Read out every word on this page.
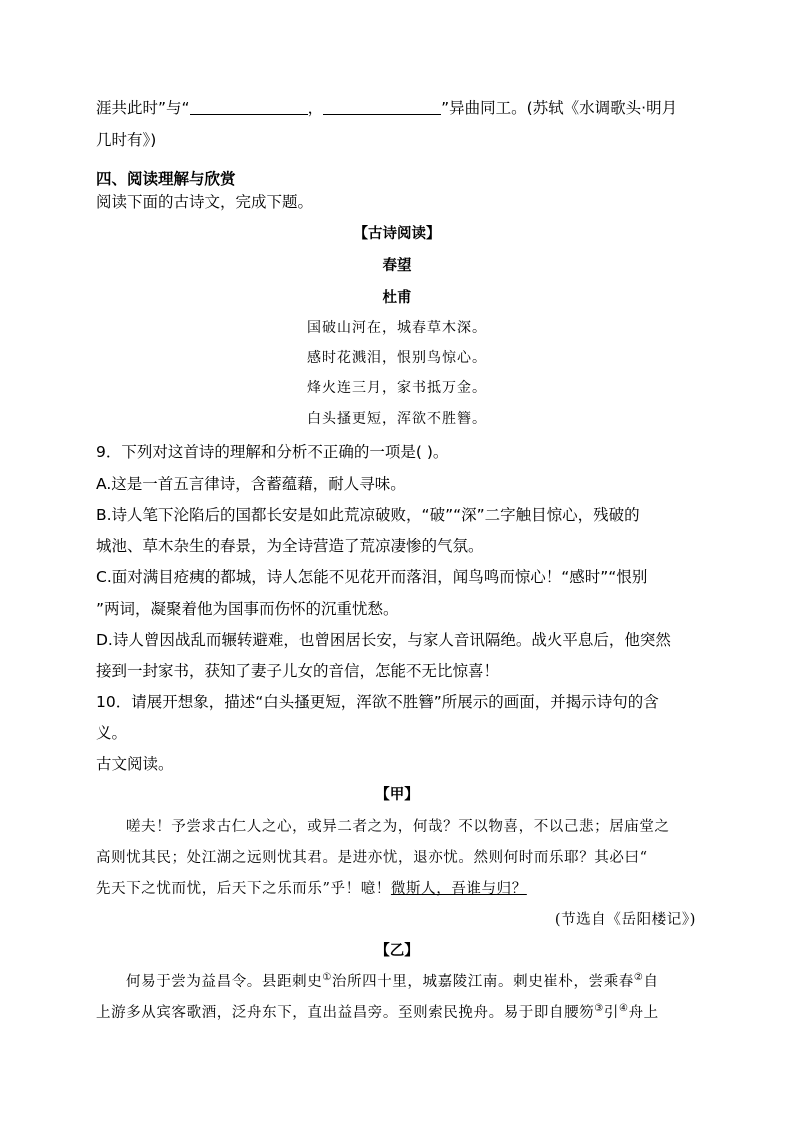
涯共此时”与“	，	”异曲同工。(苏轼《水调歌头·明月
几时有》)
四、阅读理解与欣赏
阅读下面的古诗文，完成下题。
【古诗阅读】
春望
杜甫
国破山河在，城春草木深。
感时花溅泪，恨别鸟惊心。
烽火连三月，家书抵万金。
白头搔更短，浑欲不胜簪。
9．下列对这首诗的理解和分析不正确的一项是( )。
A.这是一首五言律诗，含蓄蕴藉，耐人寻味。
B.诗人笔下沦陷后的国都长安是如此荒凉破败，“破”“深”二字触目惊心，残破的
城池、草木杂生的春景，为全诗营造了荒凉凄惨的气氛。
C.面对满目疮痍的都城，诗人怎能不见花开而落泪，闻鸟鸣而惊心！“感时”“恨别
”两词，凝聚着他为国事而伤怀的沉重忧愁。
D.诗人曾因战乱而辗转避难，也曾困居长安，与家人音讯隔绝。战火平息后，他突然
接到一封家书，获知了妻子儿女的音信，怎能不无比惊喜！
10．请展开想象，描述“白头搔更短，浑欲不胜簪”所展示的画面，并揭示诗句的含
义。
古文阅读。
【甲】
嗟夫！予尝求古仁人之心，或异二者之为，何哉？不以物喜，不以己悲；居庙堂之
高则忧其民；处江湖之远则忧其君。是进亦忧，退亦忧。然则何时而乐耶？其必曰“
先天下之忧而忧，后天下之乐而乐”乎！噫！微斯人，吾谁与归？
(节选自《岳阳楼记》)
【乙】
何易于尝为益昌令。县距刺史①治所四十里，城嘉陵江南。刺史崔朴，尝乘春②自
上游多从宾客歌酒，泛舟东下，直出益昌旁。至则索民挽舟。易于即自腰笏③引④舟上
